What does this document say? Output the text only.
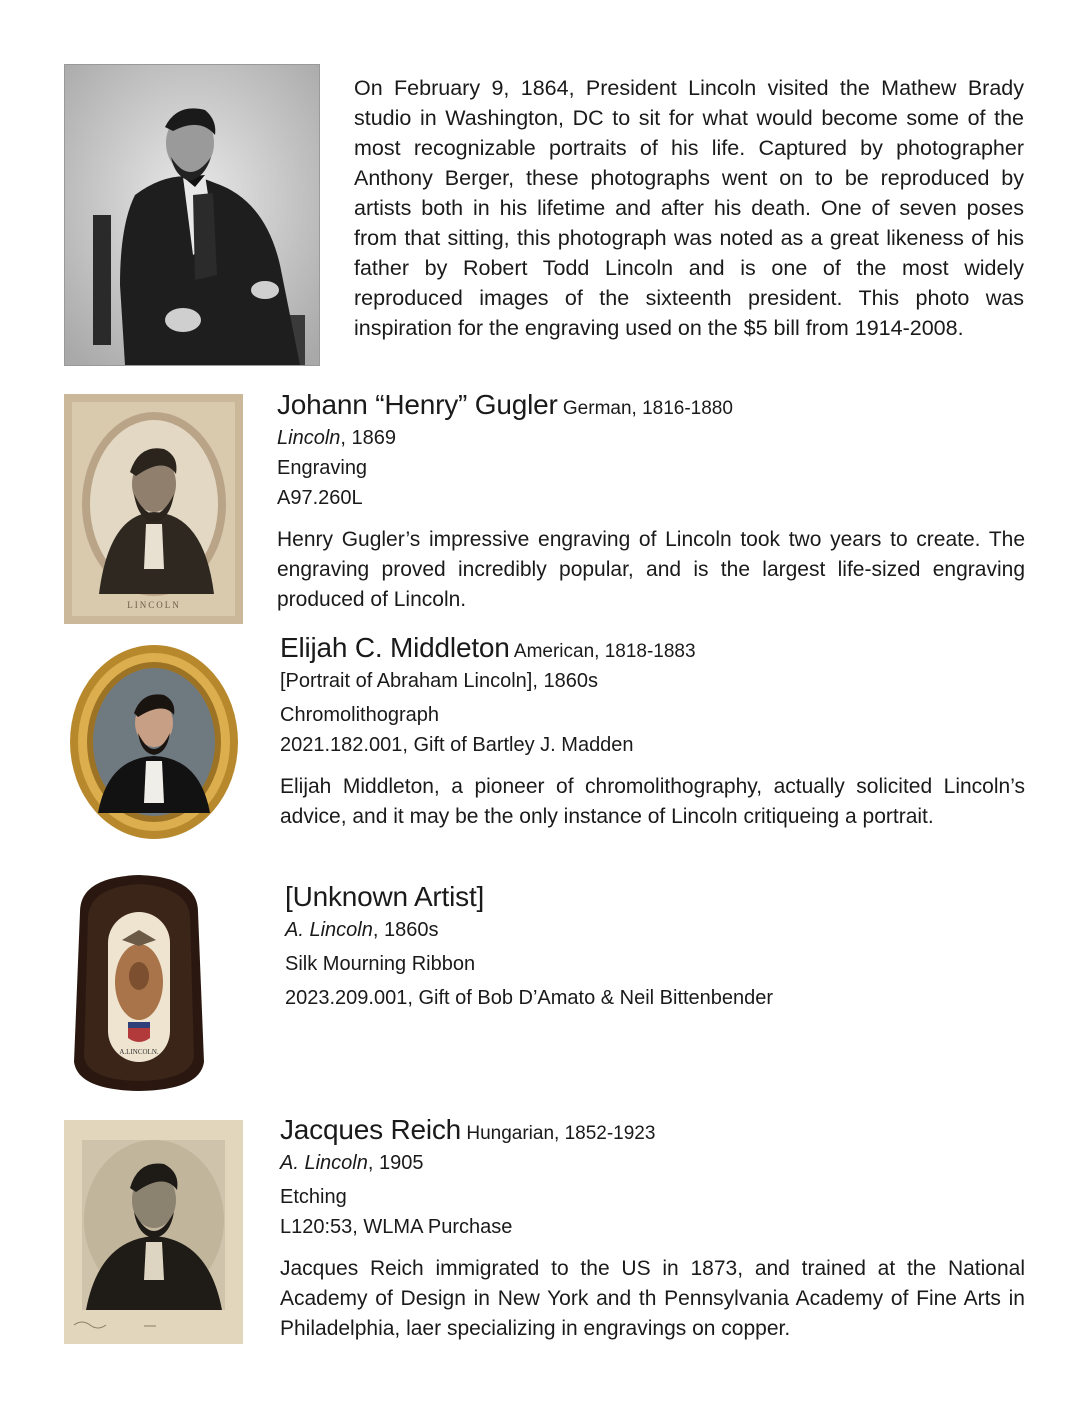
On February 9, 1864, President Lincoln visited the Mathew Brady studio in Washington, DC to sit for what would become some of the most recognizable portraits of his life. Captured by photographer Anthony Berger, these photographs went on to be reproduced by artists both in his lifetime and after his death. One of seven poses from that sitting, this photograph was noted as a great likeness of his father by Robert Todd Lincoln and is one of the most widely reproduced images of the sixteenth president. This photo was inspiration for the engraving used on the $5 bill from 1914-2008.

LINCOLN

Johann “Henry” Gugler German, 1816-1880

Lincoln, 1869

Engraving

A97.260L

Henry Gugler’s impressive engraving of Lincoln took two years to create. The engraving proved incredibly popular, and is the largest life-sized engraving produced of Lincoln.

Elijah C. Middleton American, 1818-1883

[Portrait of Abraham Lincoln], 1860s

Chromolithograph

2021.182.001, Gift of Bartley J. Madden

Elijah Middleton, a pioneer of chromolithography, actually solicited Lincoln’s advice, and it may be the only instance of Lincoln critiqueing a portrait.

A.LINCOLN.

[Unknown Artist]

A. Lincoln, 1860s

Silk Mourning Ribbon

2023.209.001, Gift of Bob D’Amato & Neil Bittenbender

Jacques Reich Hungarian, 1852-1923

A. Lincoln, 1905

Etching

L120:53, WLMA Purchase

Jacques Reich immigrated to the US in 1873, and trained at the National Academy of Design in New York and th Pennsylvania Academy of Fine Arts in Philadelphia, laer specializing in engravings on copper.
